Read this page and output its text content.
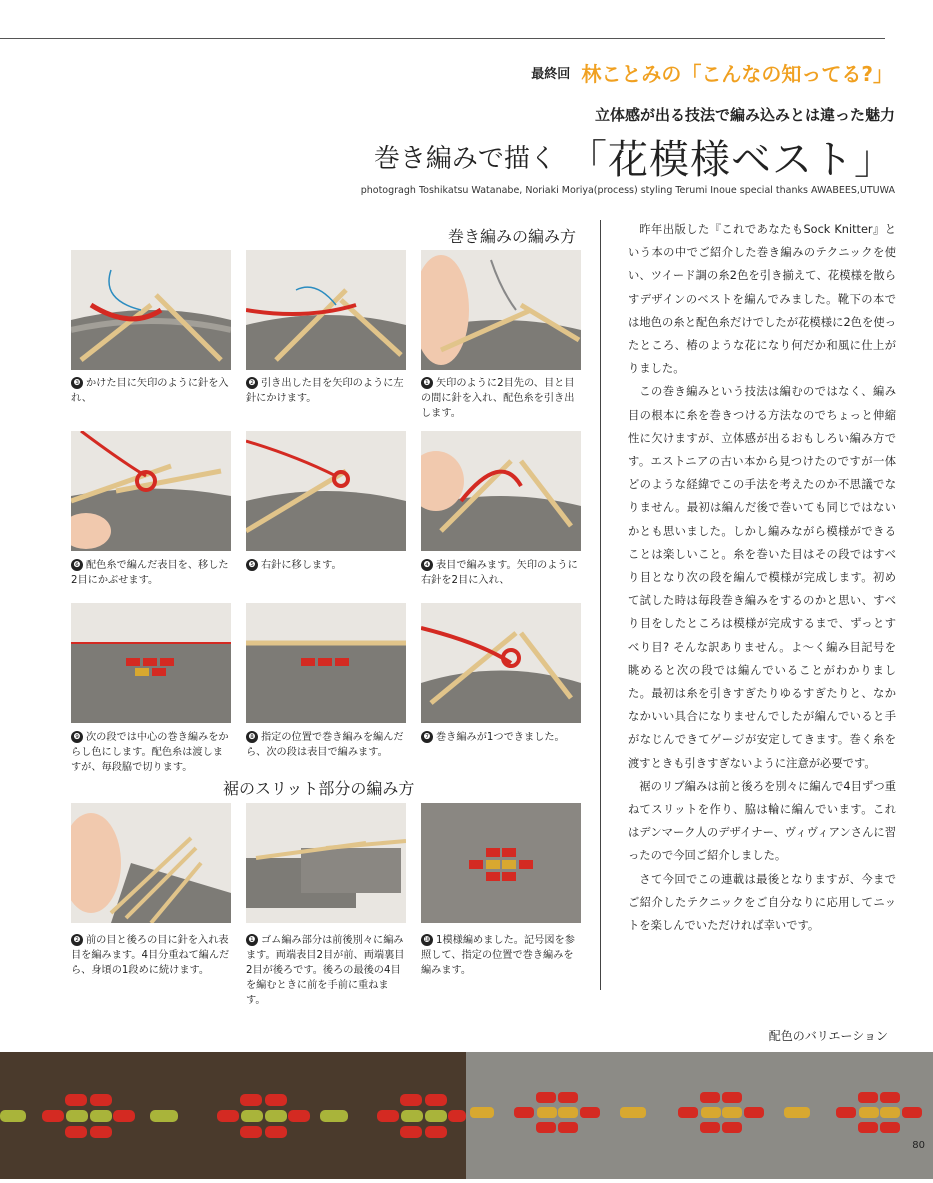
最終回 林ことみの「こんなの知ってる?」
立体感が出る技法で編み込みとは違った魅力
巻き編みで描く 「花模様ベスト」
photogragh Toshikatsu Watanabe, Noriaki Moriya(process) styling Terumi Inoue special thanks AWABEES,UTUWA
巻き編みの編み方
❸ かけた目に矢印のように針を入れ、
❷ 引き出した目を矢印のように左針にかけます。
❶ 矢印のように2目先の、目と目の間に針を入れ、配色糸を引き出します。
❻ 配色糸で編んだ表目を、移した2目にかぶせます。
❺ 右針に移します。	❹ 表目で編みます。矢印のように右針を2目に入れ、
❾ 次の段では中心の巻き編みをからし色にします。配色糸は渡しますが、毎段脇で切ります。
❽ 指定の位置で巻き編みを編んだら、次の段は表目で編みます。
❼ 巻き編みが1つできました。
裾のスリット部分の編み方
❷ 前の目と後ろの目に針を入れ表目を編みます。4目分重ねて編んだら、身頃の1段めに続けます。
❶ ゴム編み部分は前後別々に編みます。両端表目2目が前、両端裏目2目が後ろです。後ろの最後の4目を編むときに前を手前に重ねます。
❿ 1模様編めました。記号図を参照して、指定の位置で巻き編みを編みます。

昨年出版した『これであなたもSock Knitter』という本の中でご紹介した巻き編みのテクニックを使い、ツイード調の糸2色を引き揃えて、花模様を散らすデザインのベストを編んでみました。靴下の本では地色の糸と配色糸だけでしたが花模様に2色を使ったところ、椿のような花になり何だか和風に仕上がりました。

この巻き編みという技法は編むのではなく、編み目の根本に糸を巻きつける方法なのでちょっと伸縮性に欠けますが、立体感が出るおもしろい編み方です。エストニアの古い本から見つけたのですが一体どのような経緯でこの手法を考えたのか不思議でなりません。最初は編んだ後で巻いても同じではないかとも思いました。しかし編みながら模様ができることは楽しいこと。糸を巻いた目はその段ではすべり目となり次の段を編んで模様が完成します。初めて試した時は毎段巻き編みをするのかと思い、すべり目をしたところは模様が完成するまで、ずっとすべり目? そんな訳ありません。よ～く編み目記号を眺めると次の段では編んでいることがわかりました。最初は糸を引きすぎたりゆるすぎたりと、なかなかいい具合になりませんでしたが編んでいると手がなじんできてゲージが安定してきます。巻く糸を渡すときも引きすぎないように注意が必要です。

裾のリブ編みは前と後ろを別々に編んで4目ずつ重ねてスリットを作り、脇は輪に編んでいます。これはデンマーク人のデザイナー、ヴィヴィアンさんに習ったので今回ご紹介しました。

さて今回でこの連載は最後となりますが、今までご紹介したテクニックをご自分なりに応用してニットを楽しんでいただければ幸いです。

配色のバリエーション
80
